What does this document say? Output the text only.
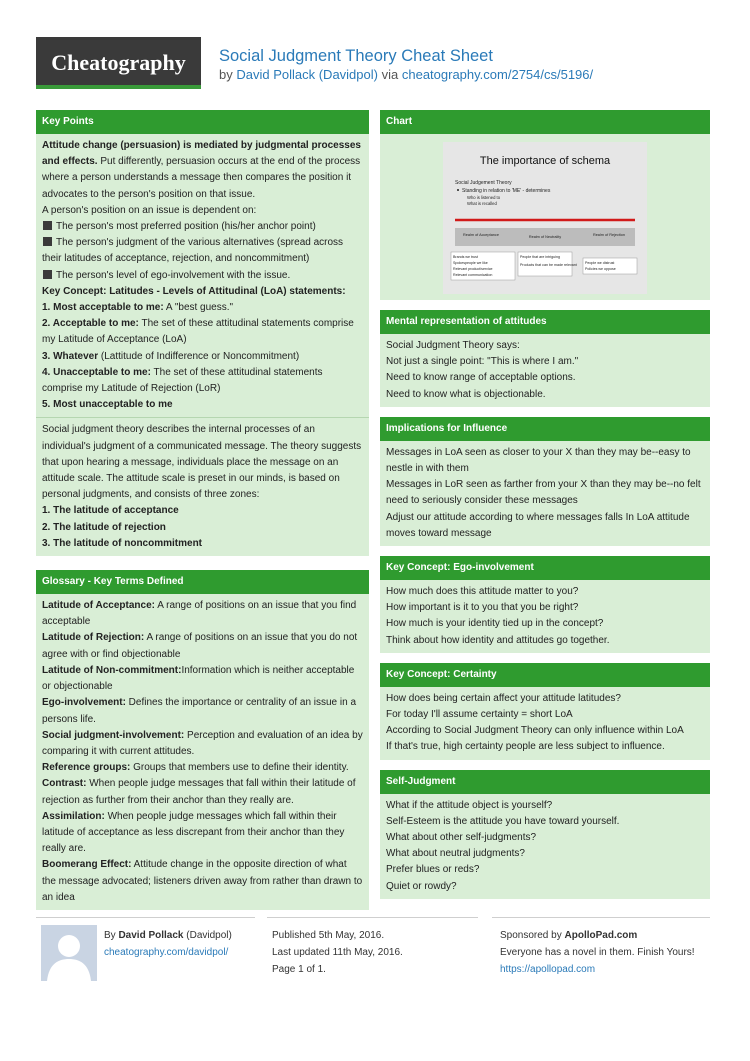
Cheatography Social Judgment Theory Cheat Sheet
by David Pollack (Davidpol) via cheatography.com/2754/cs/5196/
Key Points

Attitude change (persuasion) is mediated by judgmental processes and effects. Put differently, persuasion occurs at the end of the process where a person understands a message then compares the position it advocates to the person's position on that issue.

A person's position on an issue is dependent on:

The person's most preferred position (his/her anchor point)

The person's judgment of the various alternatives (spread across their latitudes of acceptance, rejection, and noncommitment)

The person's level of ego-involvement with the issue.

Key Concept: Latitudes - Levels of Attitudinal (LoA) statements:

1. Most acceptable to me: A "best guess."

2. Acceptable to me: The set of these attitudinal statements comprise my Latitude of Acceptance (LoA)

3. Whatever (Lattitude of Indifference or Noncommitment)

4. Unacceptable to me: The set of these attitudinal statements comprise my Latitude of Rejection (LoR)

5. Most unacceptable to me

Social judgment theory describes the internal processes of an individual's judgment of a communicated message. The theory suggests that upon hearing a message, individuals place the message on an attitude scale. The attitude scale is preset in our minds, is based on personal judgments, and consists of three zones:

1. The latitude of acceptance

2. The latitude of rejection

3. The latitude of noncommitment

Glossary - Key Terms Defined

Latitude of Acceptance: A range of positions on an issue that you find acceptable

Latitude of Rejection: A range of positions on an issue that you do not agree with or find objectionable

Latitude of Non-commitment:Information which is neither acceptable or objectionable

Ego-involvement: Defines the importance or centrality of an issue in a persons life.

Social judgment-involvement: Perception and evaluation of an idea by comparing it with current attitudes.

Reference groups: Groups that members use to define their identity.

Contrast: When people judge messages that fall within their latitude of rejection as further from their anchor than they really are.

Assimilation: When people judge messages which fall within their latitude of acceptance as less discrepant from their anchor than they really are.

Boomerang Effect: Attitude change in the opposite direction of what the message advocated; listeners driven away from rather than drawn to an idea

Chart
The importance of schema
Social Judgement Theory
Standing in relation to 'ME' - determines
Who is listened to
What is recalled
Realm of Acceptance	Realm of Neutrality	Realm of Rejection
Brands we trust
Spokespeople we like
Relevant product/service
Relevant communication
People that are intriguing
Products that can be made relevant People we distrust
Policies we oppose
Mental representation of attitudes

Social Judgment Theory says:

Not just a single point: "This is where I am."

Need to know range of acceptable options.

Need to know what is objectionable.

Implications for Influence

Messages in LoA seen as closer to your X than they may be--easy to nestle in with them

Messages in LoR seen as farther from your X than they may be--no felt need to seriously consider these messages

Adjust our attitude according to where messages falls In LoA attitude moves toward message

Key Concept: Ego-involvement

How much does this attitude matter to you?

How important is it to you that you be right?

How much is your identity tied up in the concept?

Think about how identity and attitudes go together.

Key Concept: Certainty

How does being certain affect your attitude latitudes?

For today I'll assume certainty = short LoA

According to Social Judgment Theory can only influence within LoA

If that's true, high certainty people are less subject to influence.

Self-Judgment

What if the attitude object is yourself?

Self-Esteem is the attitude you have toward yourself.

What about other self-judgments?

What about neutral judgments?

Prefer blues or reds?

Quiet or rowdy?

By David Pollack (Davidpol)
cheatography.com/davidpol/
Published 5th May, 2016.
Last updated 11th May, 2016.
Page 1 of 1.
Sponsored by ApolloPad.com
Everyone has a novel in them. Finish Yours!
https://apollopad.com
